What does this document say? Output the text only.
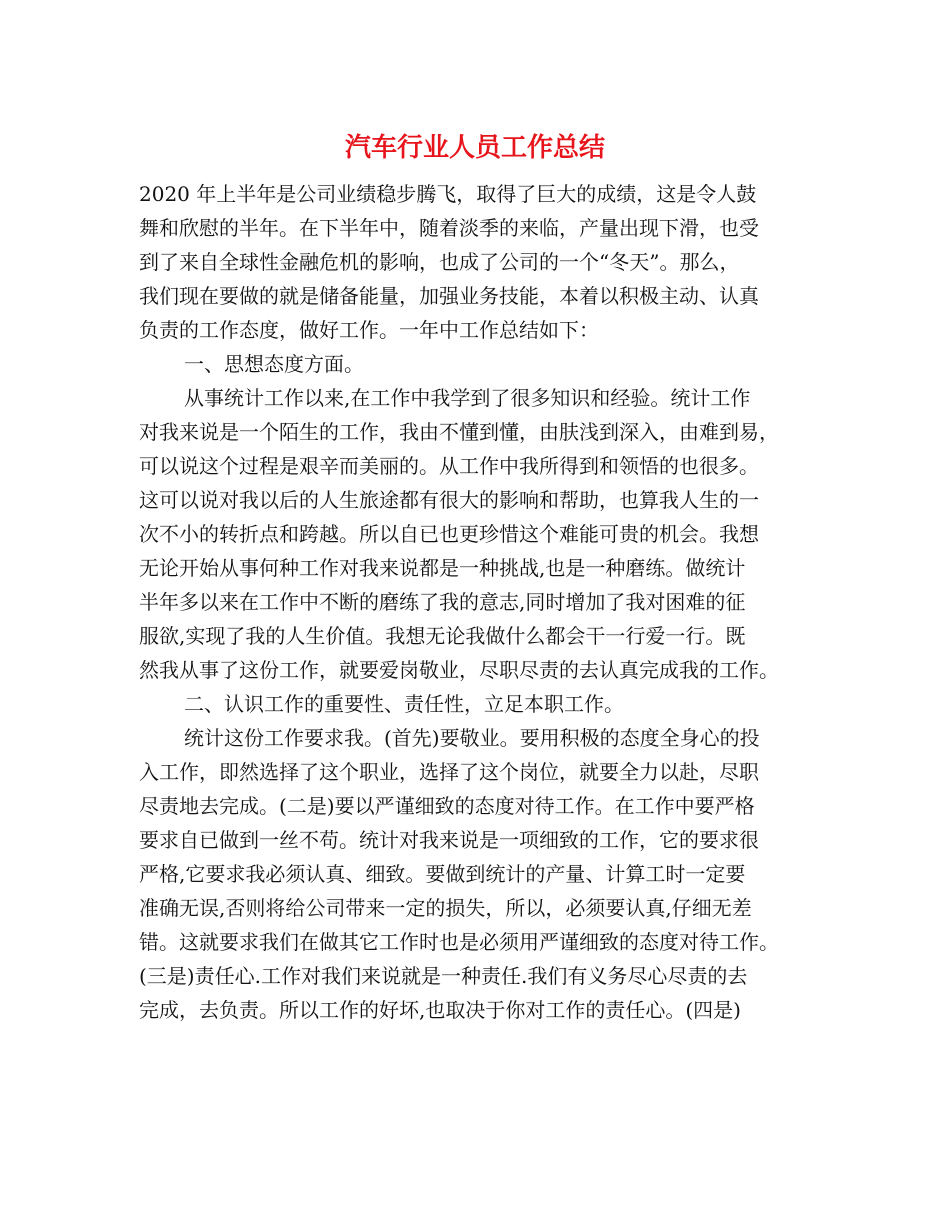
汽车行业人员工作总结
2020 年上半年是公司业绩稳步腾飞，取得了巨大的成绩，这是令人鼓
舞和欣慰的半年。在下半年中，随着淡季的来临，产量出现下滑，也受
到了来自全球性金融危机的影响，也成了公司的一个“冬天”。那么，
我们现在要做的就是储备能量，加强业务技能，本着以积极主动、认真
负责的工作态度，做好工作。一年中工作总结如下：
一、思想态度方面。
从事统计工作以来,在工作中我学到了很多知识和经验。统计工作
对我来说是一个陌生的工作，我由不懂到懂，由肤浅到深入，由难到易，
可以说这个过程是艰辛而美丽的。从工作中我所得到和领悟的也很多。
这可以说对我以后的人生旅途都有很大的影响和帮助，也算我人生的一
次不小的转折点和跨越。所以自已也更珍惜这个难能可贵的机会。我想
无论开始从事何种工作对我来说都是一种挑战,也是一种磨练。做统计
半年多以来在工作中不断的磨练了我的意志,同时增加了我对困难的征
服欲,实现了我的人生价值。我想无论我做什么都会干一行爱一行。既
然我从事了这份工作，就要爱岗敬业，尽职尽责的去认真完成我的工作。
二、认识工作的重要性、责任性，立足本职工作。
统计这份工作要求我。(首先)要敬业。要用积极的态度全身心的投
入工作，即然选择了这个职业，选择了这个岗位，就要全力以赴，尽职
尽责地去完成。(二是)要以严谨细致的态度对待工作。在工作中要严格
要求自已做到一丝不苟。统计对我来说是一项细致的工作，它的要求很
严格,它要求我必须认真、细致。要做到统计的产量、计算工时一定要
准确无误,否则将给公司带来一定的损失，所以，必须要认真,仔细无差
错。这就要求我们在做其它工作时也是必须用严谨细致的态度对待工作。
(三是)责任心.工作对我们来说就是一种责任.我们有义务尽心尽责的去
完成，去负责。所以工作的好坏,也取决于你对工作的责任心。(四是)
